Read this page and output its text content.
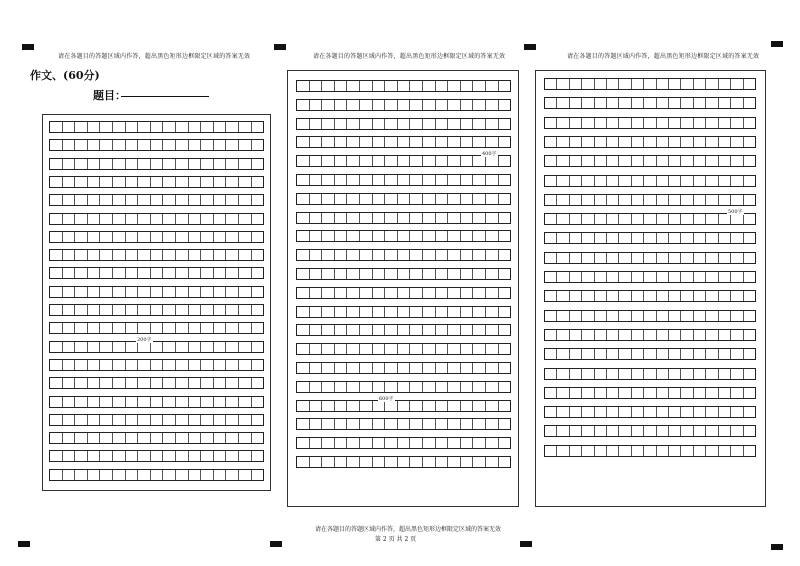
请在各题目的答题区域内作答，超出黑色矩形边框限定区域的答案无效	请在各题目的答题区域内作答，超出黑色矩形边框限定区域的答案无效	请在各题目的答题区域内作答，超出黑色矩形边框限定区域的答案无效
作文、(60分)
题目：
请在各题目的答题区域内作答，超出黑色矩形边框限定区域的答案无效
第 2 页 共 2 页
200字
400字
600字
500字
